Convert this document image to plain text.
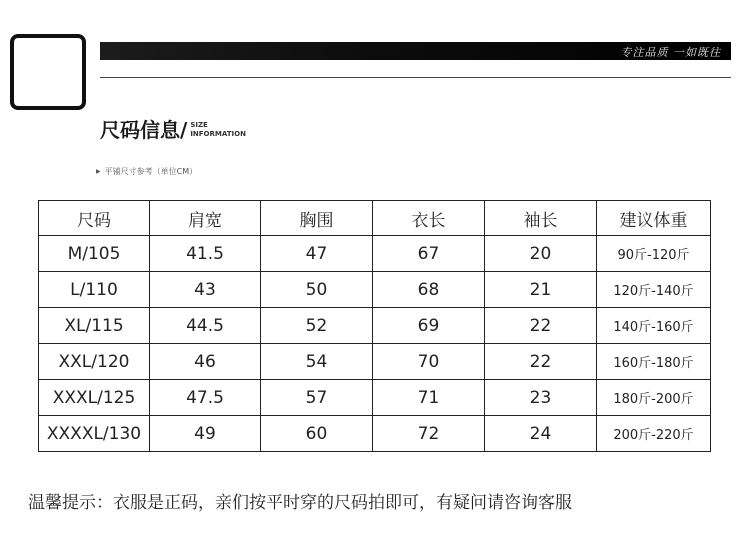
专注品质 一如既往
尺码信息/ SIZE
INFORMATION
▶ 平铺尺寸参考（单位CM）
尺码	肩宽	胸围	衣长	袖长	建议体重
M/105	41.5	47	67	20	90斤-120斤
L/110	43	50	68	21	120斤-140斤
XL/115	44.5	52	69	22	140斤-160斤
XXL/120	46	54	70	22	160斤-180斤
XXXL/125	47.5	57	71	23	180斤-200斤
XXXXL/130	49	60	72	24	200斤-220斤
温馨提示：衣服是正码，亲们按平时穿的尺码拍即可，有疑问请咨询客服
